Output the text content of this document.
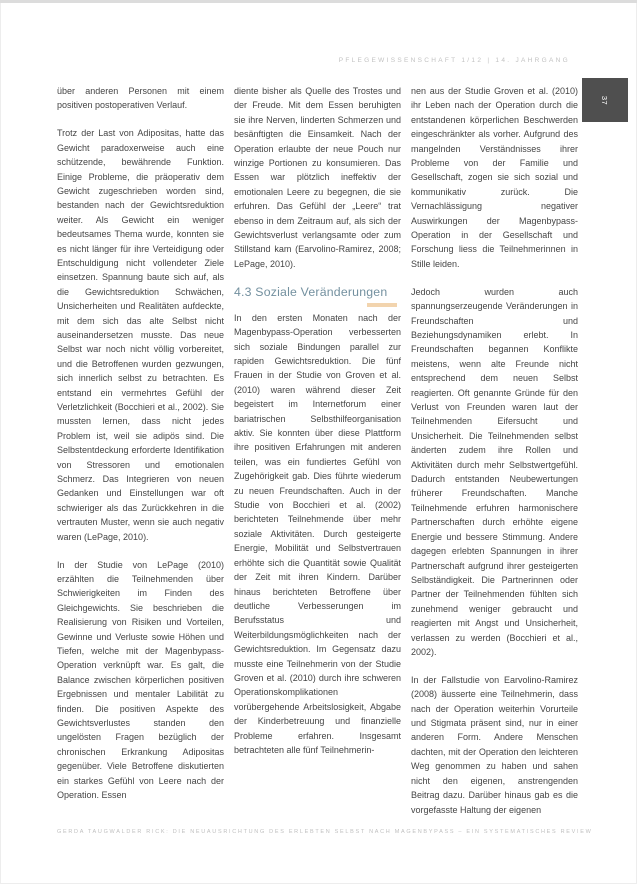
PFLEGEWISSENSCHAFT 1/12 | 14. JAHRGANG
37

über anderen Personen mit einem positiven postoperativen Verlauf.

Trotz der Last von Adipositas, hatte das Gewicht paradoxerweise auch eine schützende, bewährende Funktion. Einige Probleme, die präoperativ dem Gewicht zugeschrieben worden sind, bestanden nach der Gewichtsreduktion weiter. Als Gewicht ein weniger bedeutsames Thema wurde, konnten sie es nicht länger für ihre Verteidigung oder Entschuldigung nicht vollendeter Ziele einsetzen. Spannung baute sich auf, als die Gewichtsreduktion Schwächen, Unsicherheiten und Realitäten aufdeckte, mit dem sich das alte Selbst nicht auseinandersetzen musste. Das neue Selbst war noch nicht völlig vorbereitet, und die Betroffenen wurden gezwungen, sich innerlich selbst zu betrachten. Es entstand ein vermehrtes Gefühl der Verletzlichkeit (Bocchieri et al., 2002). Sie mussten lernen, dass nicht jedes Problem ist, weil sie adipös sind. Die Selbstentdeckung erforderte Identifikation von Stressoren und emotionalen Schmerz. Das Integrieren von neuen Gedanken und Einstellungen war oft schwieriger als das Zurückkehren in die vertrauten Muster, wenn sie auch negativ waren (LePage, 2010).

In der Studie von LePage (2010) erzählten die Teilnehmenden über Schwierigkeiten im Finden des Gleichgewichts. Sie beschrieben die Realisierung von Risiken und Vorteilen, Gewinne und Verluste sowie Höhen und Tiefen, welche mit der Magenbypass-Operation verknüpft war. Es galt, die Balance zwischen körperlichen positiven Ergebnissen und mentaler Labilität zu finden. Die positiven Aspekte des Gewichtsverlustes standen den ungelösten Fragen bezüglich der chronischen Erkrankung Adipositas gegenüber. Viele Betroffene diskutierten ein starkes Gefühl von Leere nach der Operation. Essen

diente bisher als Quelle des Trostes und der Freude. Mit dem Essen beruhigten sie ihre Nerven, linderten Schmerzen und besänftigten die Einsamkeit. Nach der Operation erlaubte der neue Pouch nur winzige Portionen zu konsumieren. Das Essen war plötzlich ineffektiv der emotionalen Leere zu begegnen, die sie erfuhren. Das Gefühl der „Leere“ trat ebenso in dem Zeitraum auf, als sich der Gewichtsverlust verlangsamte oder zum Stillstand kam (Earvolino-Ramirez, 2008; LePage, 2010).

4.3 Soziale Veränderungen

In den ersten Monaten nach der Magenbypass-Operation verbesserten sich soziale Bindungen parallel zur rapiden Gewichtsreduktion. Die fünf Frauen in der Studie von Groven et al. (2010) waren während dieser Zeit begeistert im Internetforum einer bariatrischen Selbsthilfeorganisation aktiv. Sie konnten über diese Plattform ihre positiven Erfahrungen mit anderen teilen, was ein fundiertes Gefühl von Zugehörigkeit gab. Dies führte wiederum zu neuen Freundschaften. Auch in der Studie von Bocchieri et al. (2002) berichteten Teilnehmende über mehr soziale Aktivitäten. Durch gesteigerte Energie, Mobilität und Selbstvertrauen erhöhte sich die Quantität sowie Qualität der Zeit mit ihren Kindern. Darüber hinaus berichteten Betroffene über deutliche Verbesserungen im Berufsstatus und Weiterbildungsmöglichkeiten nach der Gewichtsreduktion. Im Gegensatz dazu musste eine Teilnehmerin von der Studie Groven et al. (2010) durch ihre schweren Operationskomplikationen vorübergehende Arbeitslosigkeit, Abgabe der Kinderbetreuung und finanzielle Probleme erfahren. Insgesamt betrachteten alle fünf Teilnehmerin-

nen aus der Studie Groven et al. (2010) ihr Leben nach der Operation durch die entstandenen körperlichen Beschwerden eingeschränkter als vorher. Aufgrund des mangelnden Verständnisses ihrer Probleme von der Familie und Gesellschaft, zogen sie sich sozial und kommunikativ zurück. Die Vernachlässigung negativer Auswirkungen der Magenbypass-Operation in der Gesellschaft und Forschung liess die Teilnehmerinnen in Stille leiden.

Jedoch wurden auch spannungserzeugende Veränderungen in Freundschaften und Beziehungsdynamiken erlebt. In Freundschaften begannen Konflikte meistens, wenn alte Freunde nicht entsprechend dem neuen Selbst reagierten. Oft genannte Gründe für den Verlust von Freunden waren laut der Teilnehmenden Eifersucht und Unsicherheit. Die Teilnehmenden selbst änderten zudem ihre Rollen und Aktivitäten durch mehr Selbstwertgefühl. Dadurch entstanden Neubewertungen früherer Freundschaften. Manche Teilnehmende erfuhren harmonischere Partnerschaften durch erhöhte eigene Energie und bessere Stimmung. Andere dagegen erlebten Spannungen in ihrer Partnerschaft aufgrund ihrer gesteigerten Selbständigkeit. Die Partnerinnen oder Partner der Teilnehmenden fühlten sich zunehmend weniger gebraucht und reagierten mit Angst und Unsicherheit, verlassen zu werden (Bocchieri et al., 2002).

In der Fallstudie von Earvolino-Ramirez (2008) äusserte eine Teilnehmerin, dass nach der Operation weiterhin Vorurteile und Stigmata präsent sind, nur in einer anderen Form. Andere Menschen dachten, mit der Operation den leichteren Weg genommen zu haben und sahen nicht den eigenen, anstrengenden Beitrag dazu. Darüber hinaus gab es die vorgefasste Haltung der eigenen

GERDA TAUGWALDER RICK: DIE NEUAUSRICHTUNG DES ERLEBTEN SELBST NACH MAGENBYPASS – EIN SYSTEMATISCHES REVIEW
